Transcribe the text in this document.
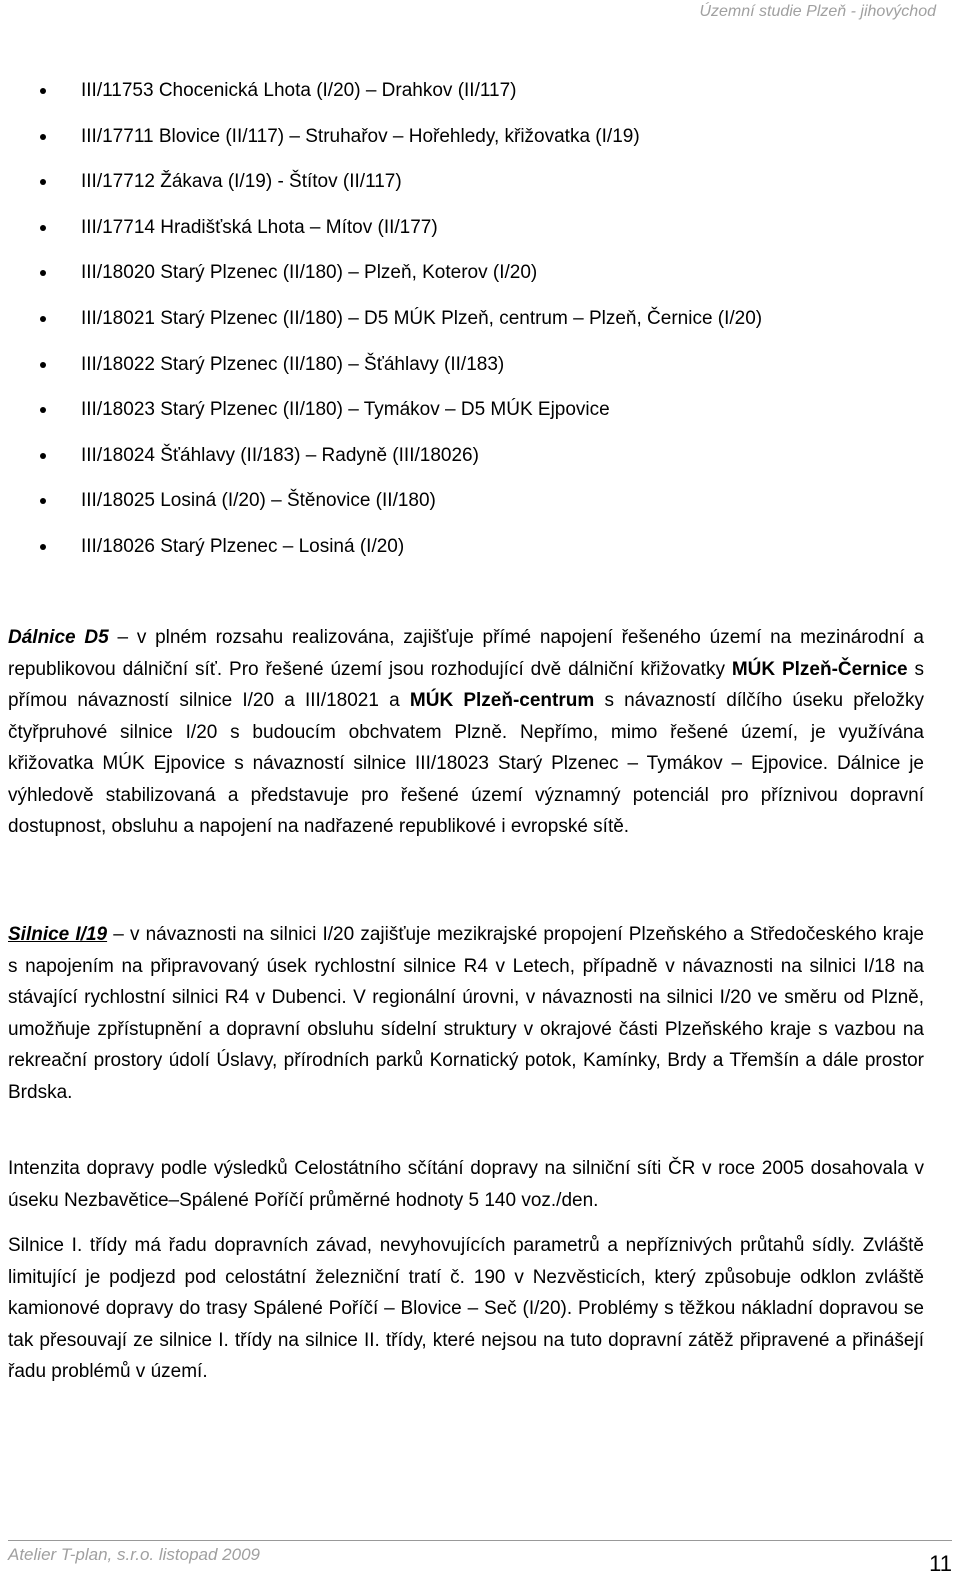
Územní studie Plzeň - jihovýchod
III/11753 Chocenická Lhota (I/20) – Drahkov (II/117)
III/17711 Blovice (II/117) – Struhařov – Hořehledy, křižovatka (I/19)
III/17712 Žákava (I/19) - Štítov (II/117)
III/17714 Hradišťská Lhota – Mítov (II/177)
III/18020 Starý Plzenec (II/180) – Plzeň, Koterov (I/20)
III/18021 Starý Plzenec (II/180) – D5 MÚK Plzeň, centrum – Plzeň, Černice (I/20)
III/18022 Starý Plzenec (II/180) – Šťáhlavy (II/183)
III/18023 Starý Plzenec (II/180) – Tymákov – D5 MÚK Ejpovice
III/18024 Šťáhlavy (II/183) – Radyně (III/18026)
III/18025 Losiná (I/20) – Štěnovice (II/180)
III/18026 Starý Plzenec – Losiná (I/20)

Dálnice D5 – v plném rozsahu realizována, zajišťuje přímé napojení řešeného území na mezinárodní a republikovou dálniční síť. Pro řešené území jsou rozhodující dvě dálniční křižovatky MÚK Plzeň-Černice s přímou návazností silnice I/20 a III/18021 a MÚK Plzeň-centrum s návazností dílčího úseku přeložky čtyřpruhové silnice I/20 s budoucím obchvatem Plzně. Nepřímo, mimo řešené území, je využívána křižovatka MÚK Ejpovice s návazností silnice III/18023 Starý Plzenec – Tymákov – Ejpovice. Dálnice je výhledově stabilizovaná a představuje pro řešené území významný potenciál pro příznivou dopravní dostupnost, obsluhu a napojení na nadřazené republikové i evropské sítě.

Silnice I/19 – v návaznosti na silnici I/20 zajišťuje mezikrajské propojení Plzeňského a Středočeského kraje s napojením na připravovaný úsek rychlostní silnice R4 v Letech, případně v návaznosti na silnici I/18 na stávající rychlostní silnici R4 v Dubenci. V regionální úrovni, v návaznosti na silnici I/20 ve směru od Plzně, umožňuje zpřístupnění a dopravní obsluhu sídelní struktury v okrajové části Plzeňského kraje s vazbou na rekreační prostory údolí Úslavy, přírodních parků Kornatický potok, Kamínky, Brdy a Třemšín a dále prostor Brdska.

Intenzita dopravy podle výsledků Celostátního sčítání dopravy na silniční síti ČR v roce 2005 dosahovala v úseku Nezbavětice–Spálené Poříčí průměrné hodnoty 5 140 voz./den.

Silnice I. třídy má řadu dopravních závad, nevyhovujících parametrů a nepříznivých průtahů sídly. Zvláště limitující je podjezd pod celostátní železniční tratí č. 190 v Nezvěsticích, který způsobuje odklon zvláště kamionové dopravy do trasy Spálené Poříčí – Blovice – Seč (I/20). Problémy s těžkou nákladní dopravou se tak přesouvají ze silnice I. třídy na silnice II. třídy, které nejsou na tuto dopravní zátěž připravené a přinášejí řadu problémů v území.

Atelier T-plan, s.r.o. listopad 2009	11
